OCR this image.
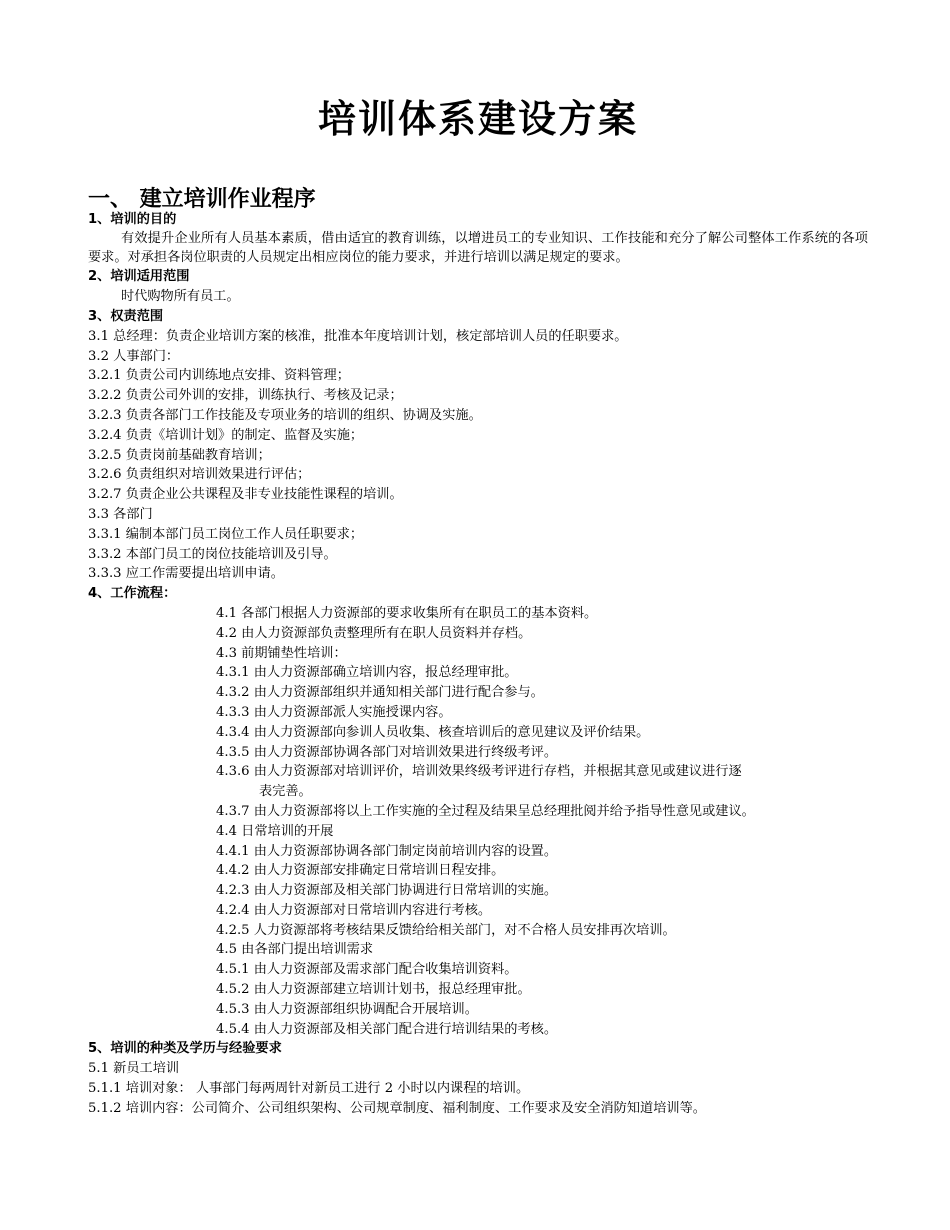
培训体系建设方案
一、 建立培训作业程序

1、培训的目的

有效提升企业所有人员基本素质，借由适宜的教育训练，以增进员工的专业知识、工作技能和充分了解公司整体工作系统的各项要求。对承担各岗位职责的人员规定出相应岗位的能力要求，并进行培训以满足规定的要求。

2、培训适用范围

时代购物所有员工。

3、权责范围

3.1 总经理：负责企业培训方案的核准，批准本年度培训计划，核定部培训人员的任职要求。

3.2 人事部门：

3.2.1 负责公司内训练地点安排、资料管理；

3.2.2 负责公司外训的安排，训练执行、考核及记录；

3.2.3 负责各部门工作技能及专项业务的培训的组织、协调及实施。

3.2.4 负责《培训计划》的制定、监督及实施；

3.2.5 负责岗前基础教育培训；

3.2.6 负责组织对培训效果进行评估；

3.2.7 负责企业公共课程及非专业技能性课程的培训。

3.3 各部门

3.3.1 编制本部门员工岗位工作人员任职要求；

3.3.2 本部门员工的岗位技能培训及引导。

3.3.3 应工作需要提出培训申请。

4、工作流程：

4.1 各部门根据人力资源部的要求收集所有在职员工的基本资料。

4.2 由人力资源部负责整理所有在职人员资料并存档。

4.3 前期铺垫性培训：

4.3.1 由人力资源部确立培训内容，报总经理审批。

4.3.2 由人力资源部组织并通知相关部门进行配合参与。

4.3.3 由人力资源部派人实施授课内容。

4.3.4 由人力资源部向参训人员收集、核查培训后的意见建议及评价结果。

4.3.5 由人力资源部协调各部门对培训效果进行终级考评。

4.3.6 由人力资源部对培训评价，培训效果终级考评进行存档，并根据其意见或建议进行逐

表完善。

4.3.7 由人力资源部将以上工作实施的全过程及结果呈总经理批阅并给予指导性意见或建议。

4.4 日常培训的开展

4.4.1 由人力资源部协调各部门制定岗前培训内容的设置。

4.4.2 由人力资源部安排确定日常培训日程安排。

4.2.3 由人力资源部及相关部门协调进行日常培训的实施。

4.2.4 由人力资源部对日常培训内容进行考核。

4.2.5 人力资源部将考核结果反馈给给相关部门，对不合格人员安排再次培训。

4.5 由各部门提出培训需求

4.5.1 由人力资源部及需求部门配合收集培训资料。

4.5.2 由人力资源部建立培训计划书，报总经理审批。

4.5.3 由人力资源部组织协调配合开展培训。

4.5.4 由人力资源部及相关部门配合进行培训结果的考核。

5、培训的种类及学历与经验要求

5.1 新员工培训

5.1.1 培训对象： 人事部门每两周针对新员工进行 2 小时以内课程的培训。

5.1.2 培训内容：公司简介、公司组织架构、公司规章制度、福利制度、工作要求及安全消防知道培训等。
